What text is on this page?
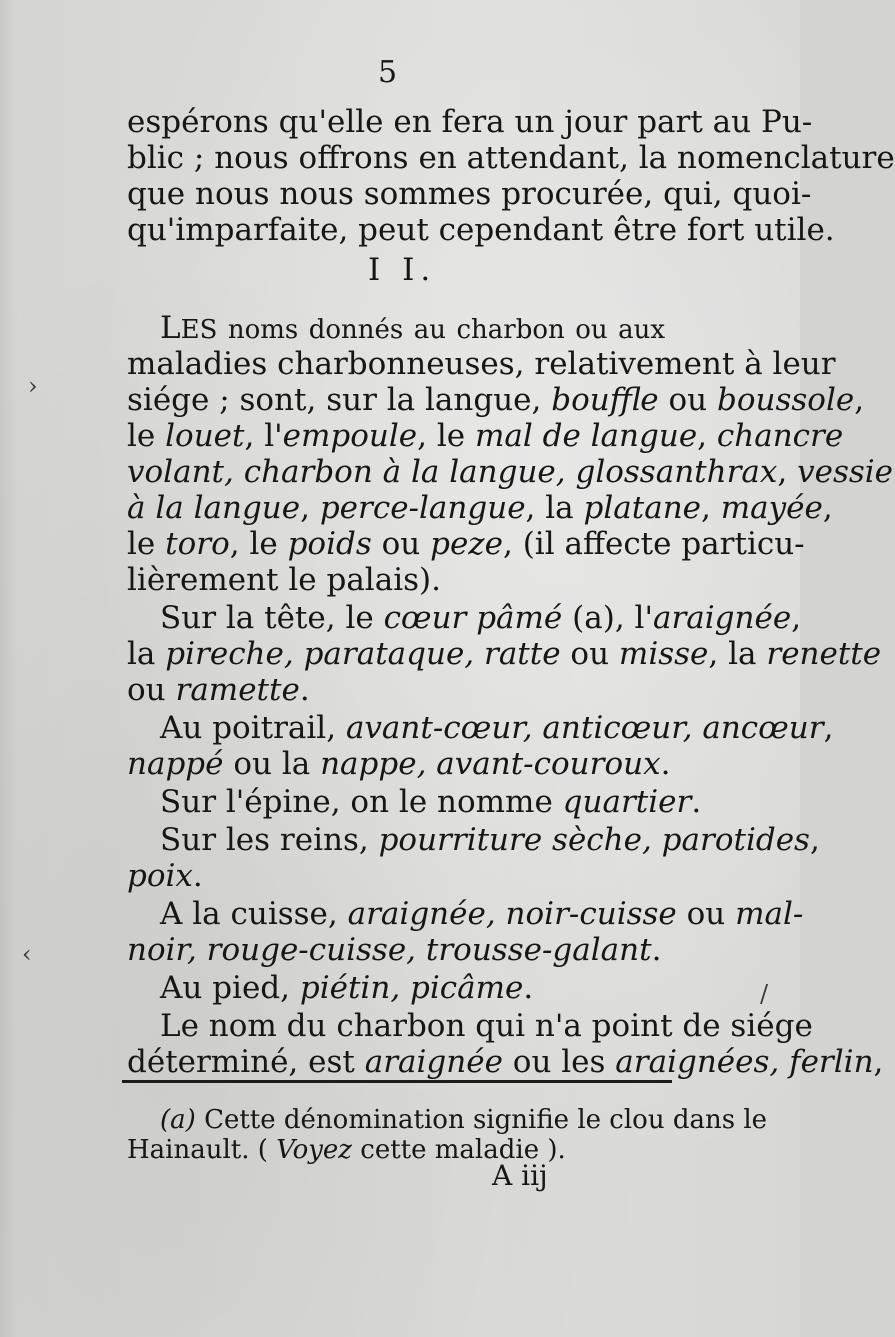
5
espérons qu'elle en fera un jour part au Pu-
blic ; nous offrons en attendant, la nomenclature
que nous nous sommes procurée, qui, quoi-
qu'imparfaite, peut cependant être fort utile.
I I.
LES noms donnés au charbon ou aux
maladies charbonneuses, relativement à leur
siége ; sont, sur la langue, bouffle ou boussole,
le louet, l'empoule, le mal de langue, chancre
volant, charbon à la langue, glossanthrax, vessie
à la langue, perce-langue, la platane, mayée,
le toro, le poids ou peze, (il affecte particu-
lièrement le palais).
Sur la tête, le cœur pâmé (a), l'araignée,
la pireche, parataque, ratte ou misse, la renette
ou ramette.
Au poitrail, avant-cœur, anticœur, ancœur,
nappé ou la nappe, avant-couroux.
Sur l'épine, on le nomme quartier.
Sur les reins, pourriture sèche, parotides,
poix.
A la cuisse, araignée, noir-cuisse ou mal-
noir, rouge-cuisse, trousse-galant.
Au pied, piétin, picâme.
Le nom du charbon qui n'a point de siége
déterminé, est araignée ou les araignées, ferlin,
(a) Cette dénomination signifie le clou dans le
Hainault. ( Voyez cette maladie ).
A iij
›
‹
/
